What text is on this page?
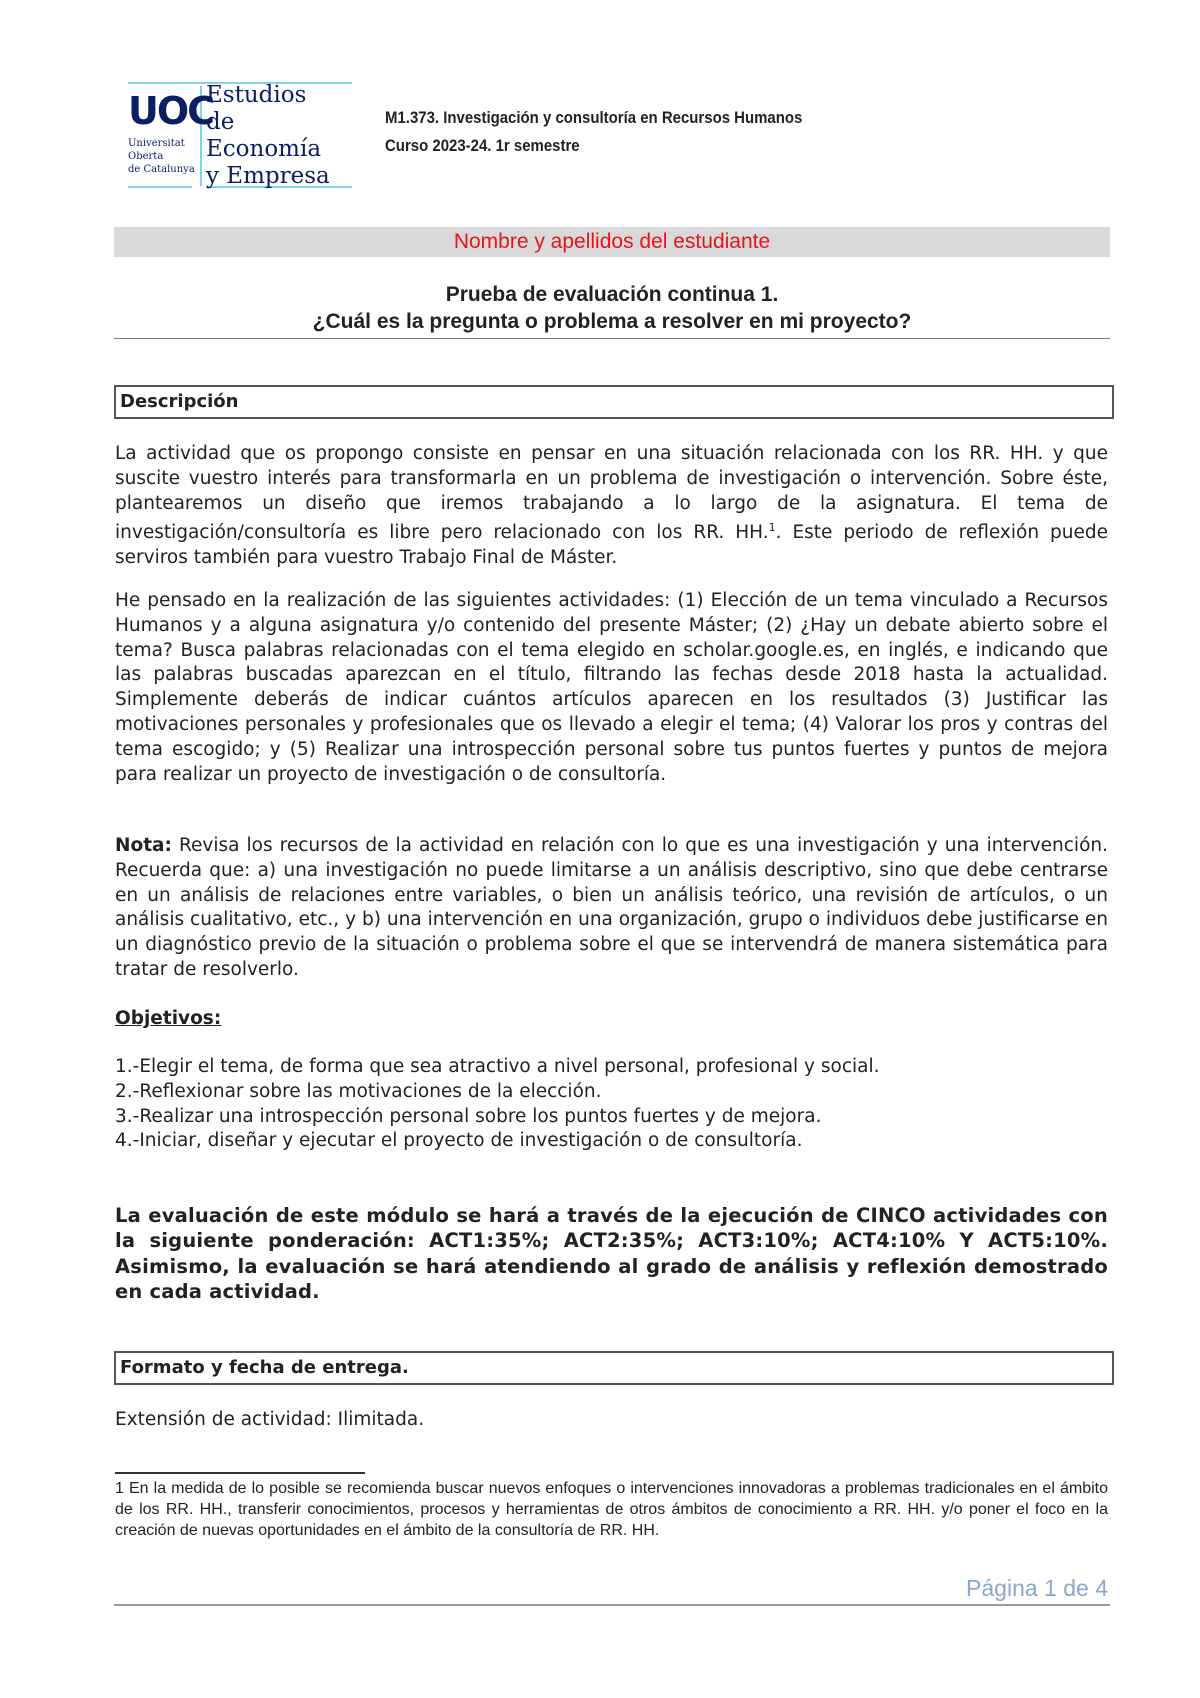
UOC
Universitat
Oberta
de Catalunya
Estudios
de Economía
y Empresa
M1.373. Investigación y consultoría en Recursos Humanos
Curso 2023-24. 1r semestre
Nombre y apellidos del estudiante
Prueba de evaluación continua 1.
¿Cuál es la pregunta o problema a resolver en mi proyecto?
Descripción
La actividad que os propongo consiste en pensar en una situación relacionada con los RR. HH. y que suscite vuestro interés para transformarla en un problema de investigación o intervención. Sobre éste, plantearemos un diseño que iremos trabajando a lo largo de la asignatura. El tema de investigación/consultoría es libre pero relacionado con los RR. HH.$^1$. Este periodo de reflexión puede serviros también para vuestro Trabajo Final de Máster.
He pensado en la realización de las siguientes actividades: (1) Elección de un tema vinculado a Recursos Humanos y a alguna asignatura y/o contenido del presente Máster; (2) ¿Hay un debate abierto sobre el tema? Busca palabras relacionadas con el tema elegido en scholar.google.es, en inglés, e indicando que las palabras buscadas aparezcan en el título, filtrando las fechas desde 2018 hasta la actualidad. Simplemente deberás de indicar cuántos artículos aparecen en los resultados (3) Justificar las motivaciones personales y profesionales que os llevado a elegir el tema; (4) Valorar los pros y contras del tema escogido; y (5) Realizar una introspección personal sobre tus puntos fuertes y puntos de mejora para realizar un proyecto de investigación o de consultoría.
Nota: Revisa los recursos de la actividad en relación con lo que es una investigación y una intervención. Recuerda que: a) una investigación no puede limitarse a un análisis descriptivo, sino que debe centrarse en un análisis de relaciones entre variables, o bien un análisis teórico, una revisión de artículos, o un análisis cualitativo, etc., y b) una intervención en una organización, grupo o individuos debe justificarse en un diagnóstico previo de la situación o problema sobre el que se intervendrá de manera sistemática para tratar de resolverlo.
Objetivos:
1.-Elegir el tema, de forma que sea atractivo a nivel personal, profesional y social.
2.-Reflexionar sobre las motivaciones de la elección.
3.-Realizar una introspección personal sobre los puntos fuertes y de mejora.
4.-Iniciar, diseñar y ejecutar el proyecto de investigación o de consultoría.
La evaluación de este módulo se hará a través de la ejecución de CINCO actividades con la siguiente ponderación: ACT1:35%; ACT2:35%; ACT3:10%; ACT4:10% Y ACT5:10%. Asimismo, la evaluación se hará atendiendo al grado de análisis y reflexión demostrado en cada actividad.
Formato y fecha de entrega.
Extensión de actividad: Ilimitada.
1 En la medida de lo posible se recomienda buscar nuevos enfoques o intervenciones innovadoras a problemas tradicionales en el ámbito de los RR. HH., transferir conocimientos, procesos y herramientas de otros ámbitos de conocimiento a RR. HH. y/o poner el foco en la creación de nuevas oportunidades en el ámbito de la consultoría de RR. HH.
Página 1 de 4
